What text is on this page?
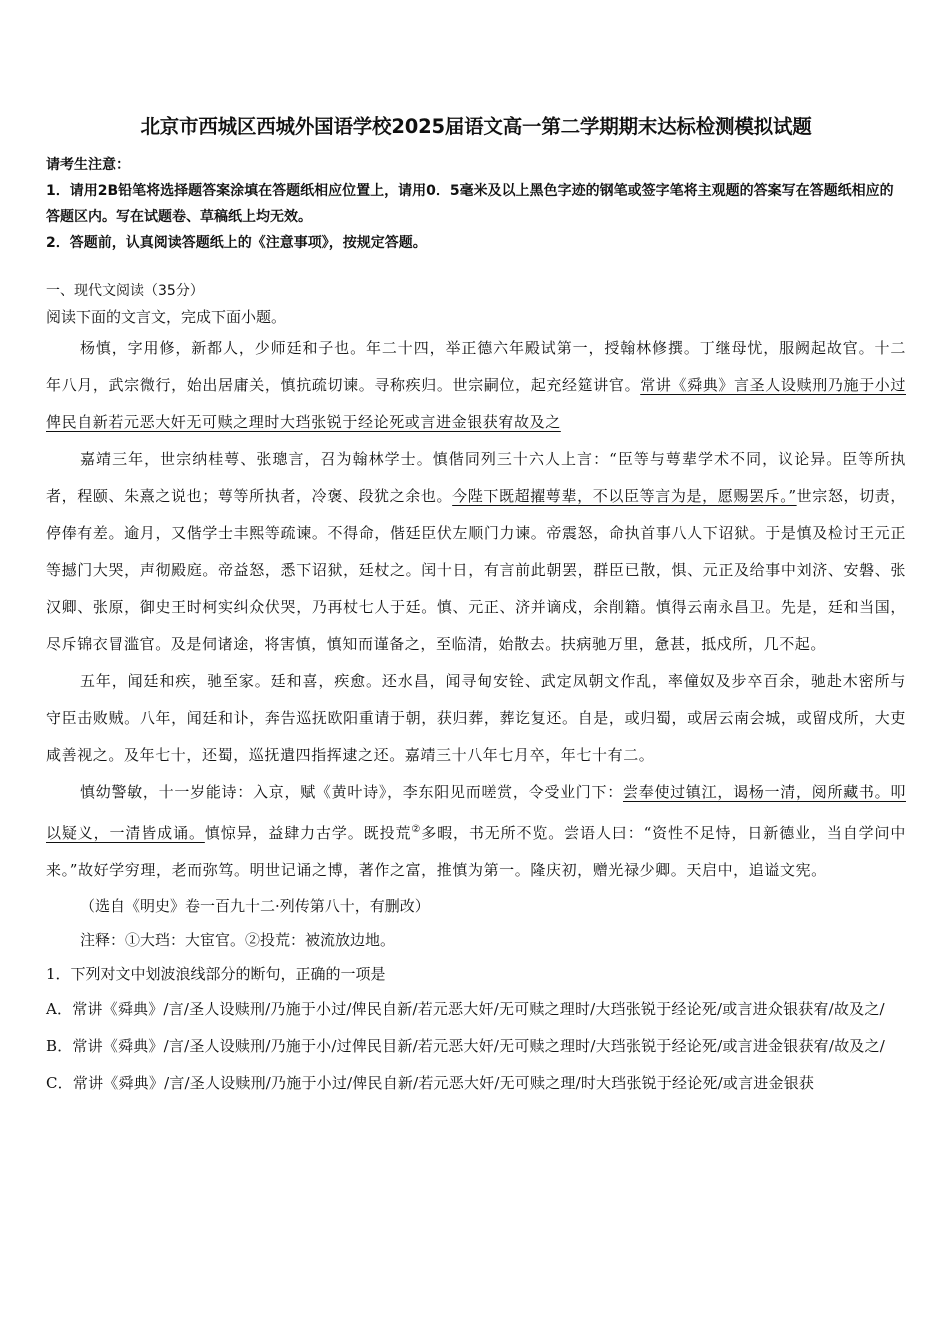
北京市西城区西城外国语学校2025届语文高一第二学期期末达标检测模拟试题

请考生注意：

1．请用2B铅笔将选择题答案涂填在答题纸相应位置上，请用0．5毫米及以上黑色字迹的钢笔或签字笔将主观题的答案写在答题纸相应的答题区内。写在试题卷、草稿纸上均无效。

2．答题前，认真阅读答题纸上的《注意事项》，按规定答题。

一、现代文阅读（35分）

阅读下面的文言文，完成下面小题。

杨慎，字用修，新都人，少师廷和子也。年二十四，举正德六年殿试第一，授翰林修撰。丁继母忧，服阙起故官。十二年八月，武宗微行，始出居庸关，慎抗疏切谏。寻称疾归。世宗嗣位，起充经筵讲官。常讲《舜典》言圣人设赎刑乃施于小过俾民自新若元恶大奸无可赎之理时大珰张锐于经论死或言进金银获宥故及之

嘉靖三年，世宗纳桂萼、张璁言，召为翰林学士。慎偕同列三十六人上言：“臣等与萼辈学术不同，议论异。臣等所执者，程颐、朱熹之说也；萼等所执者，冷褒、段犹之余也。今陛下既超擢萼辈，不以臣等言为是，愿赐罢斥。”世宗怒，切责，停俸有差。逾月，又偕学士丰熙等疏谏。不得命，偕廷臣伏左顺门力谏。帝震怒，命执首事八人下诏狱。于是慎及检讨王元正等撼门大哭，声彻殿庭。帝益怒，悉下诏狱，廷杖之。闰十日，有言前此朝罢，群臣已散，惧、元正及给事中刘济、安磐、张汉卿、张原，御史王时柯实纠众伏哭，乃再杖七人于廷。慎、元正、济并谪戍，余削籍。慎得云南永昌卫。先是，廷和当国，尽斥锦衣冒滥官。及是伺诸途，将害慎，慎知而谨备之，至临清，始散去。扶病驰万里，惫甚，抵戍所，几不起。

五年，闻廷和疾，驰至家。廷和喜，疾愈。还水昌，闻寻甸安铨、武定凤朝文作乱，率僮奴及步卒百余，驰赴木密所与守臣击败贼。八年，闻廷和讣，奔告巡抚欧阳重请于朝，获归葬，葬讫复还。自是，或归蜀，或居云南会城，或留戍所，大吏咸善视之。及年七十，还蜀，巡抚遣四指挥逮之还。嘉靖三十八年七月卒，年七十有二。

慎幼警敏，十一岁能诗：入京，赋《黄叶诗》，李东阳见而嗟赏，令受业门下：尝奉使过镇江，谒杨一清，阅所藏书。叩以疑义，一清皆成诵。慎惊异，益肆力古学。既投荒②多暇，书无所不览。尝语人曰：“资性不足恃，日新德业，当自学问中来。”故好学穷理，老而弥笃。明世记诵之博，著作之富，推慎为第一。隆庆初，赠光禄少卿。天启中，追谥文宪。

（选自《明史》卷一百九十二·列传第八十，有删改）

注释：①大珰：大宦官。②投荒：被流放边地。

1．下列对文中划波浪线部分的断句，正确的一项是

A．常讲《舜典》/言/圣人设赎刑/乃施于小过/俾民自新/若元恶大奸/无可赎之理时/大珰张锐于经论死/或言进众银获宥/故及之/

B．常讲《舜典》/言/圣人设赎刑/乃施于小/过俾民目新/若元恶大奸/无可赎之理时/大珰张锐于经论死/或言进金银获宥/故及之/

C．常讲《舜典》/言/圣人设赎刑/乃施于小过/俾民自新/若元恶大奸/无可赎之理/时大珰张锐于经论死/或言进金银获
